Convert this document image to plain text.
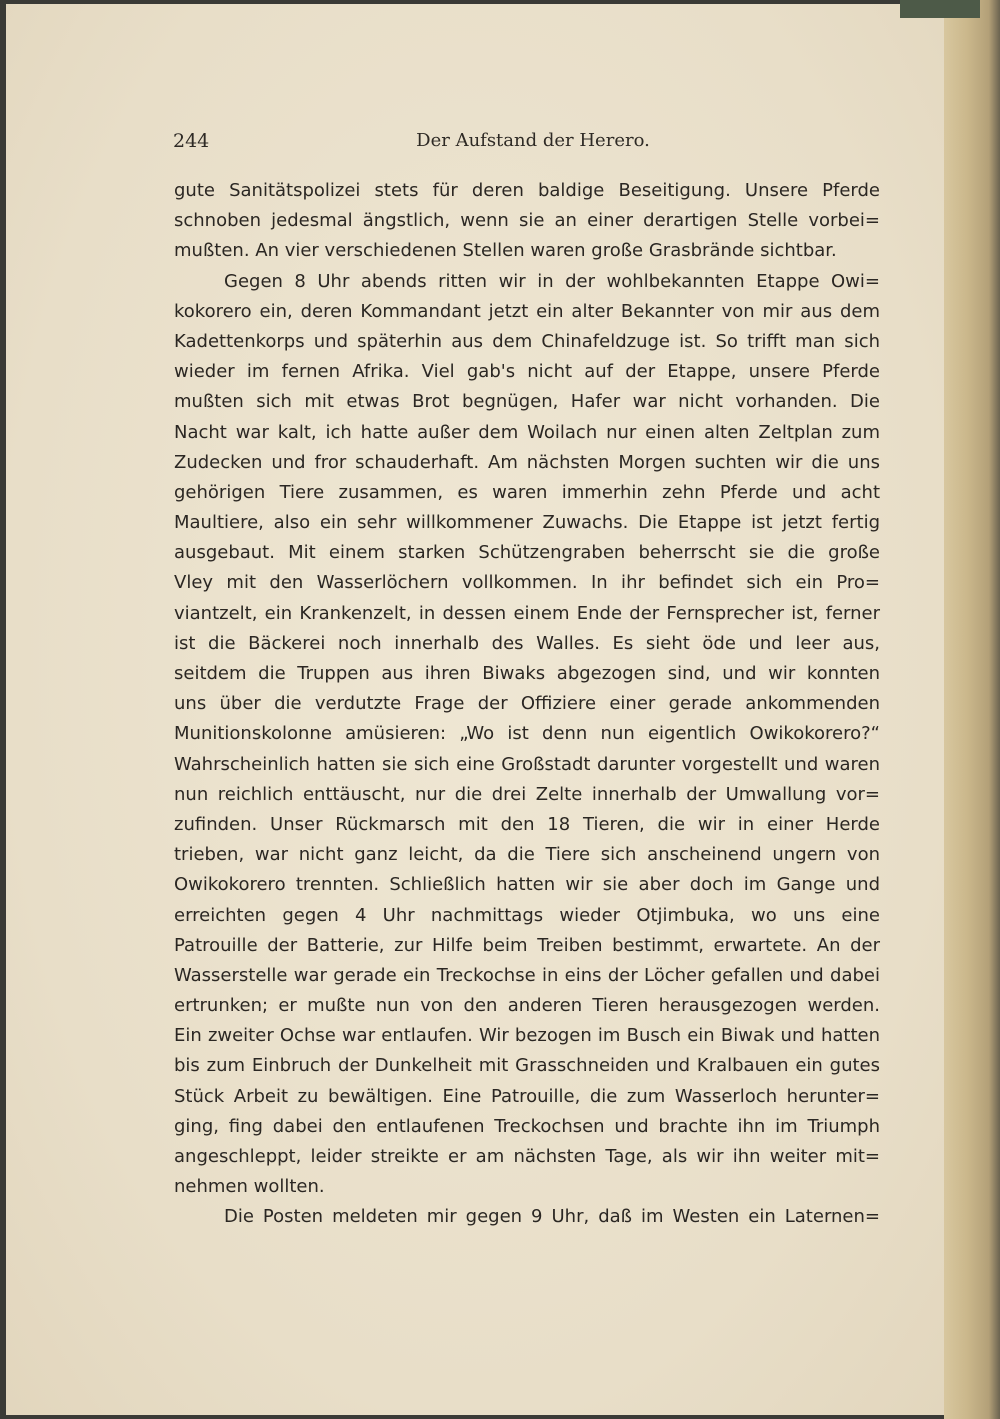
244	Der Aufstand der Herero.
gute Sanitätspolizei stets für deren baldige Beseitigung. Unsere Pferde
schnoben jedesmal ängstlich, wenn sie an einer derartigen Stelle vorbei=
mußten. An vier verschiedenen Stellen waren große Grasbrände sichtbar.
Gegen 8 Uhr abends ritten wir in der wohlbekannten Etappe Owi=
kokorero ein, deren Kommandant jetzt ein alter Bekannter von mir aus dem
Kadettenkorps und späterhin aus dem Chinafeldzuge ist. So trifft man sich
wieder im fernen Afrika. Viel gab's nicht auf der Etappe, unsere Pferde
mußten sich mit etwas Brot begnügen, Hafer war nicht vorhanden. Die
Nacht war kalt, ich hatte außer dem Woilach nur einen alten Zeltplan zum
Zudecken und fror schauderhaft. Am nächsten Morgen suchten wir die uns
gehörigen Tiere zusammen, es waren immerhin zehn Pferde und acht
Maultiere, also ein sehr willkommener Zuwachs. Die Etappe ist jetzt fertig
ausgebaut. Mit einem starken Schützengraben beherrscht sie die große
Vley mit den Wasserlöchern vollkommen. In ihr befindet sich ein Pro=
viantzelt, ein Krankenzelt, in dessen einem Ende der Fernsprecher ist, ferner
ist die Bäckerei noch innerhalb des Walles. Es sieht öde und leer aus,
seitdem die Truppen aus ihren Biwaks abgezogen sind, und wir konnten
uns über die verdutzte Frage der Offiziere einer gerade ankommenden
Munitionskolonne amüsieren: „Wo ist denn nun eigentlich Owikokorero?“
Wahrscheinlich hatten sie sich eine Großstadt darunter vorgestellt und waren
nun reichlich enttäuscht, nur die drei Zelte innerhalb der Umwallung vor=
zufinden. Unser Rückmarsch mit den 18 Tieren, die wir in einer Herde
trieben, war nicht ganz leicht, da die Tiere sich anscheinend ungern von
Owikokorero trennten. Schließlich hatten wir sie aber doch im Gange und
erreichten gegen 4 Uhr nachmittags wieder Otjimbuka, wo uns eine
Patrouille der Batterie, zur Hilfe beim Treiben bestimmt, erwartete. An der
Wasserstelle war gerade ein Treckochse in eins der Löcher gefallen und dabei
ertrunken; er mußte nun von den anderen Tieren herausgezogen werden.
Ein zweiter Ochse war entlaufen. Wir bezogen im Busch ein Biwak und hatten
bis zum Einbruch der Dunkelheit mit Grasschneiden und Kralbauen ein gutes
Stück Arbeit zu bewältigen. Eine Patrouille, die zum Wasserloch herunter=
ging, fing dabei den entlaufenen Treckochsen und brachte ihn im Triumph
angeschleppt, leider streikte er am nächsten Tage, als wir ihn weiter mit=
nehmen wollten.
Die Posten meldeten mir gegen 9 Uhr, daß im Westen ein Laternen=
